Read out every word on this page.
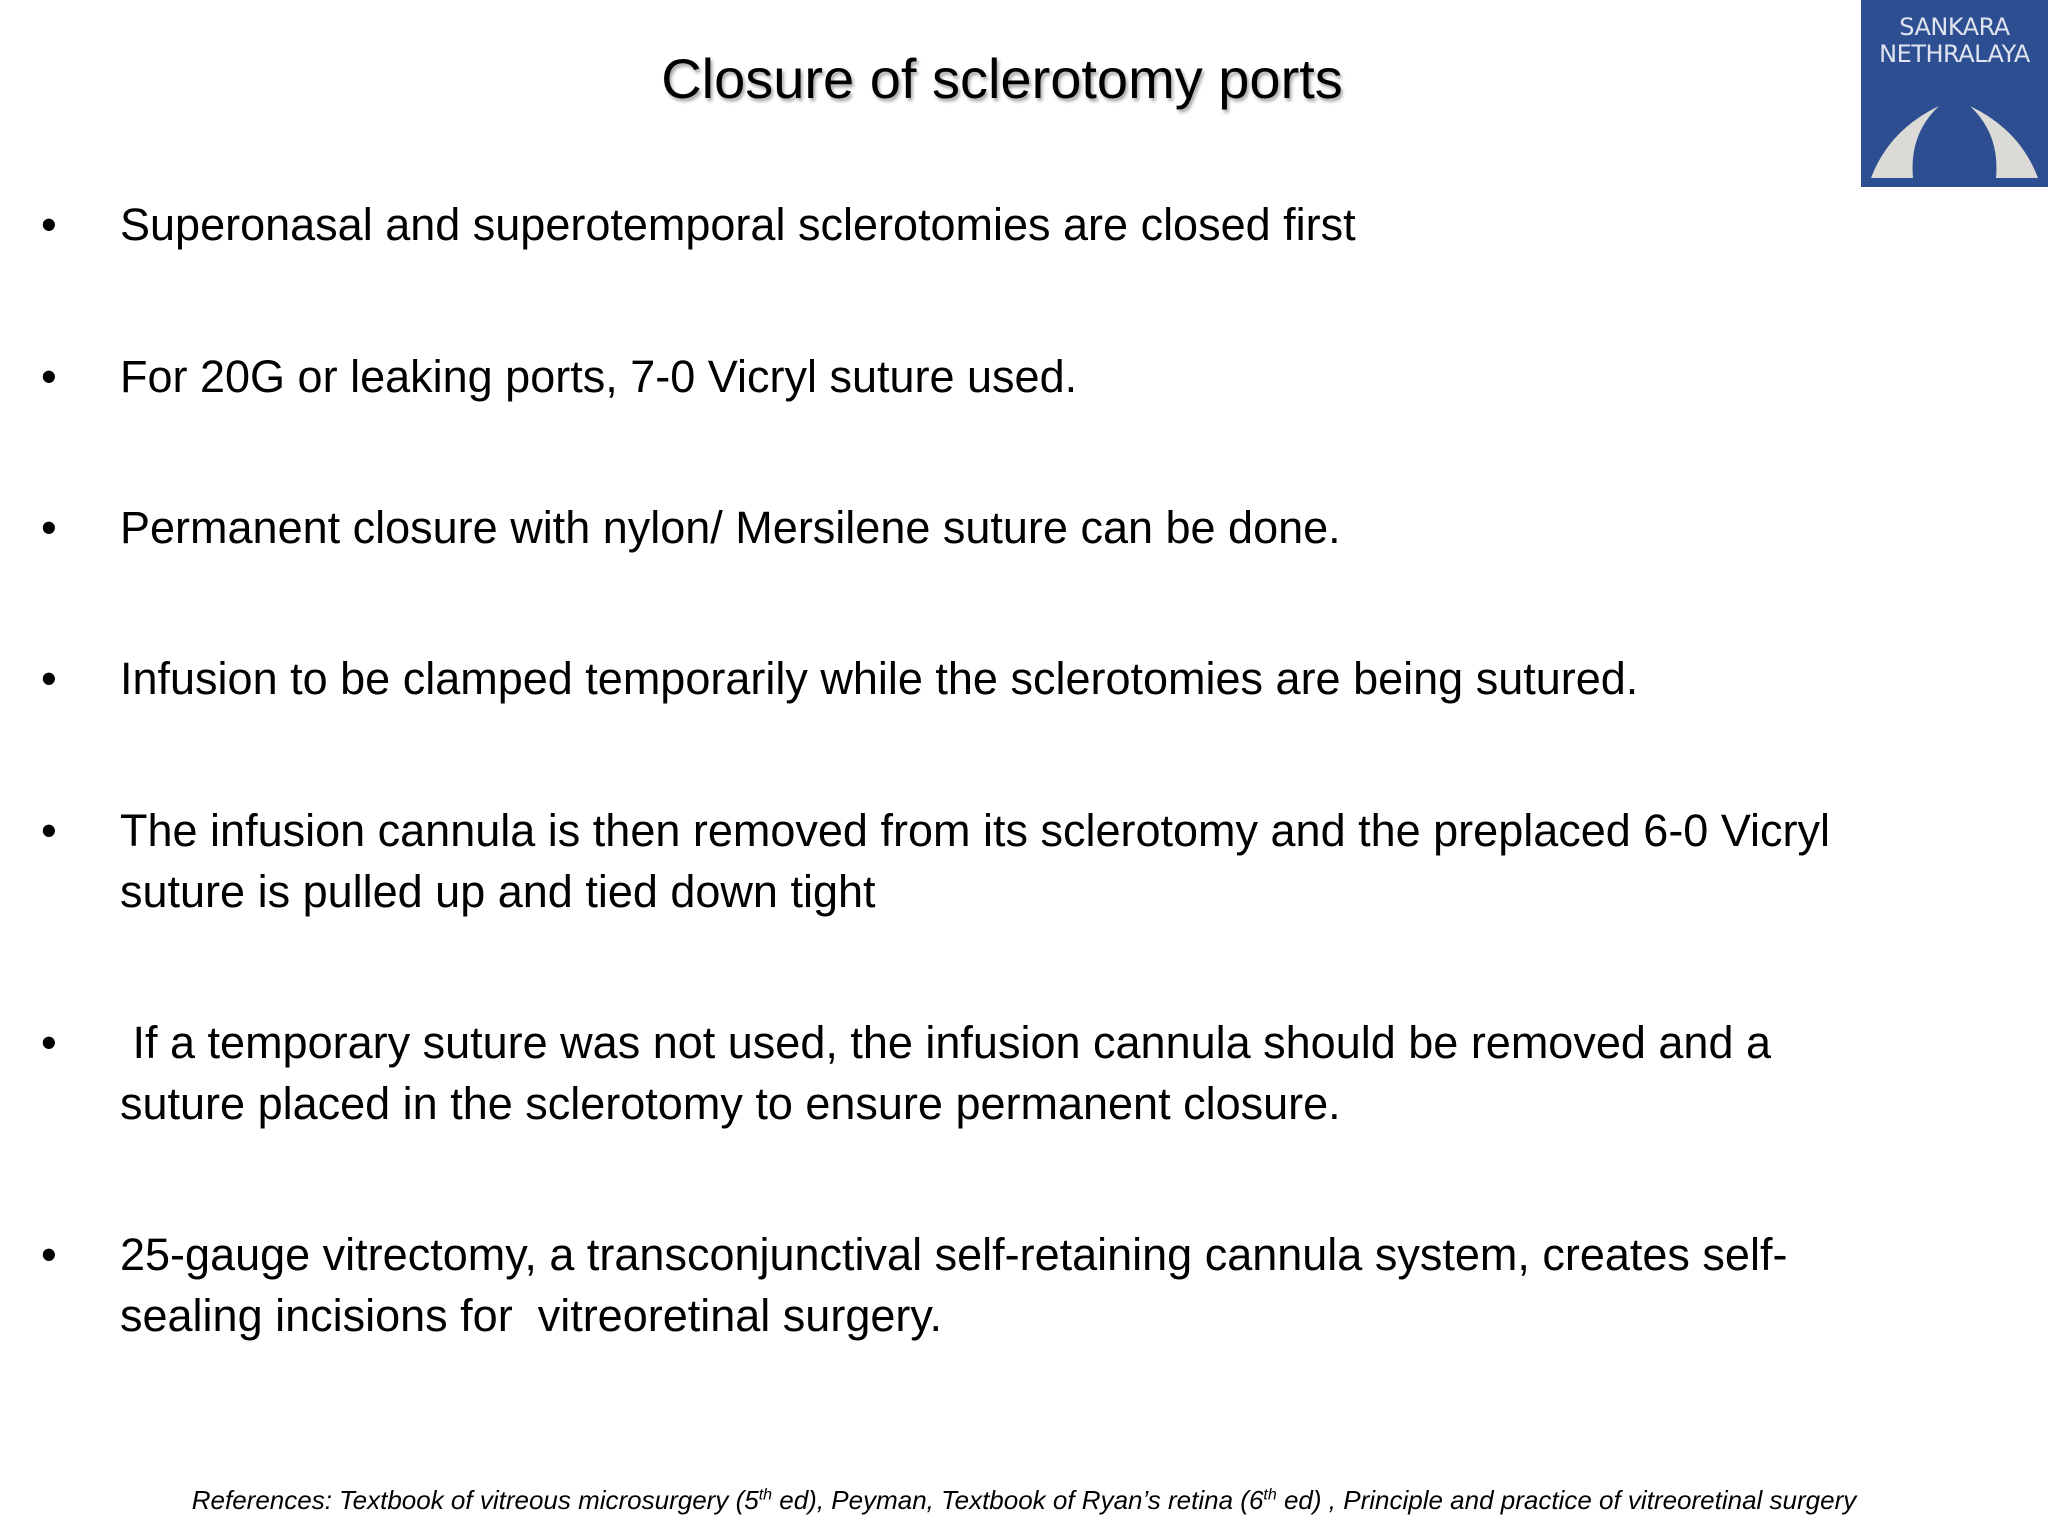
Closure of sclerotomy ports
SANKARA
NETHRALAYA
• Superonasal and superotemporal sclerotomies are closed first
• For 20G or leaking ports, 7-0 Vicryl suture used.
• Permanent closure with nylon/ Mersilene suture can be done.
• Infusion to be clamped temporarily while the sclerotomies are being sutured.
• The infusion cannula is then removed from its sclerotomy and the preplaced 6-0 Vicryl
suture is pulled up and tied down tight
• If a temporary suture was not used, the infusion cannula should be removed and a
suture placed in the sclerotomy to ensure permanent closure.
• 25-gauge vitrectomy, a transconjunctival self-retaining cannula system, creates self-
sealing incisions for  vitreoretinal surgery.
References: Textbook of vitreous microsurgery (5th ed), Peyman, Textbook of Ryan’s retina (6th ed) , Principle and practice of vitreoretinal surgery
